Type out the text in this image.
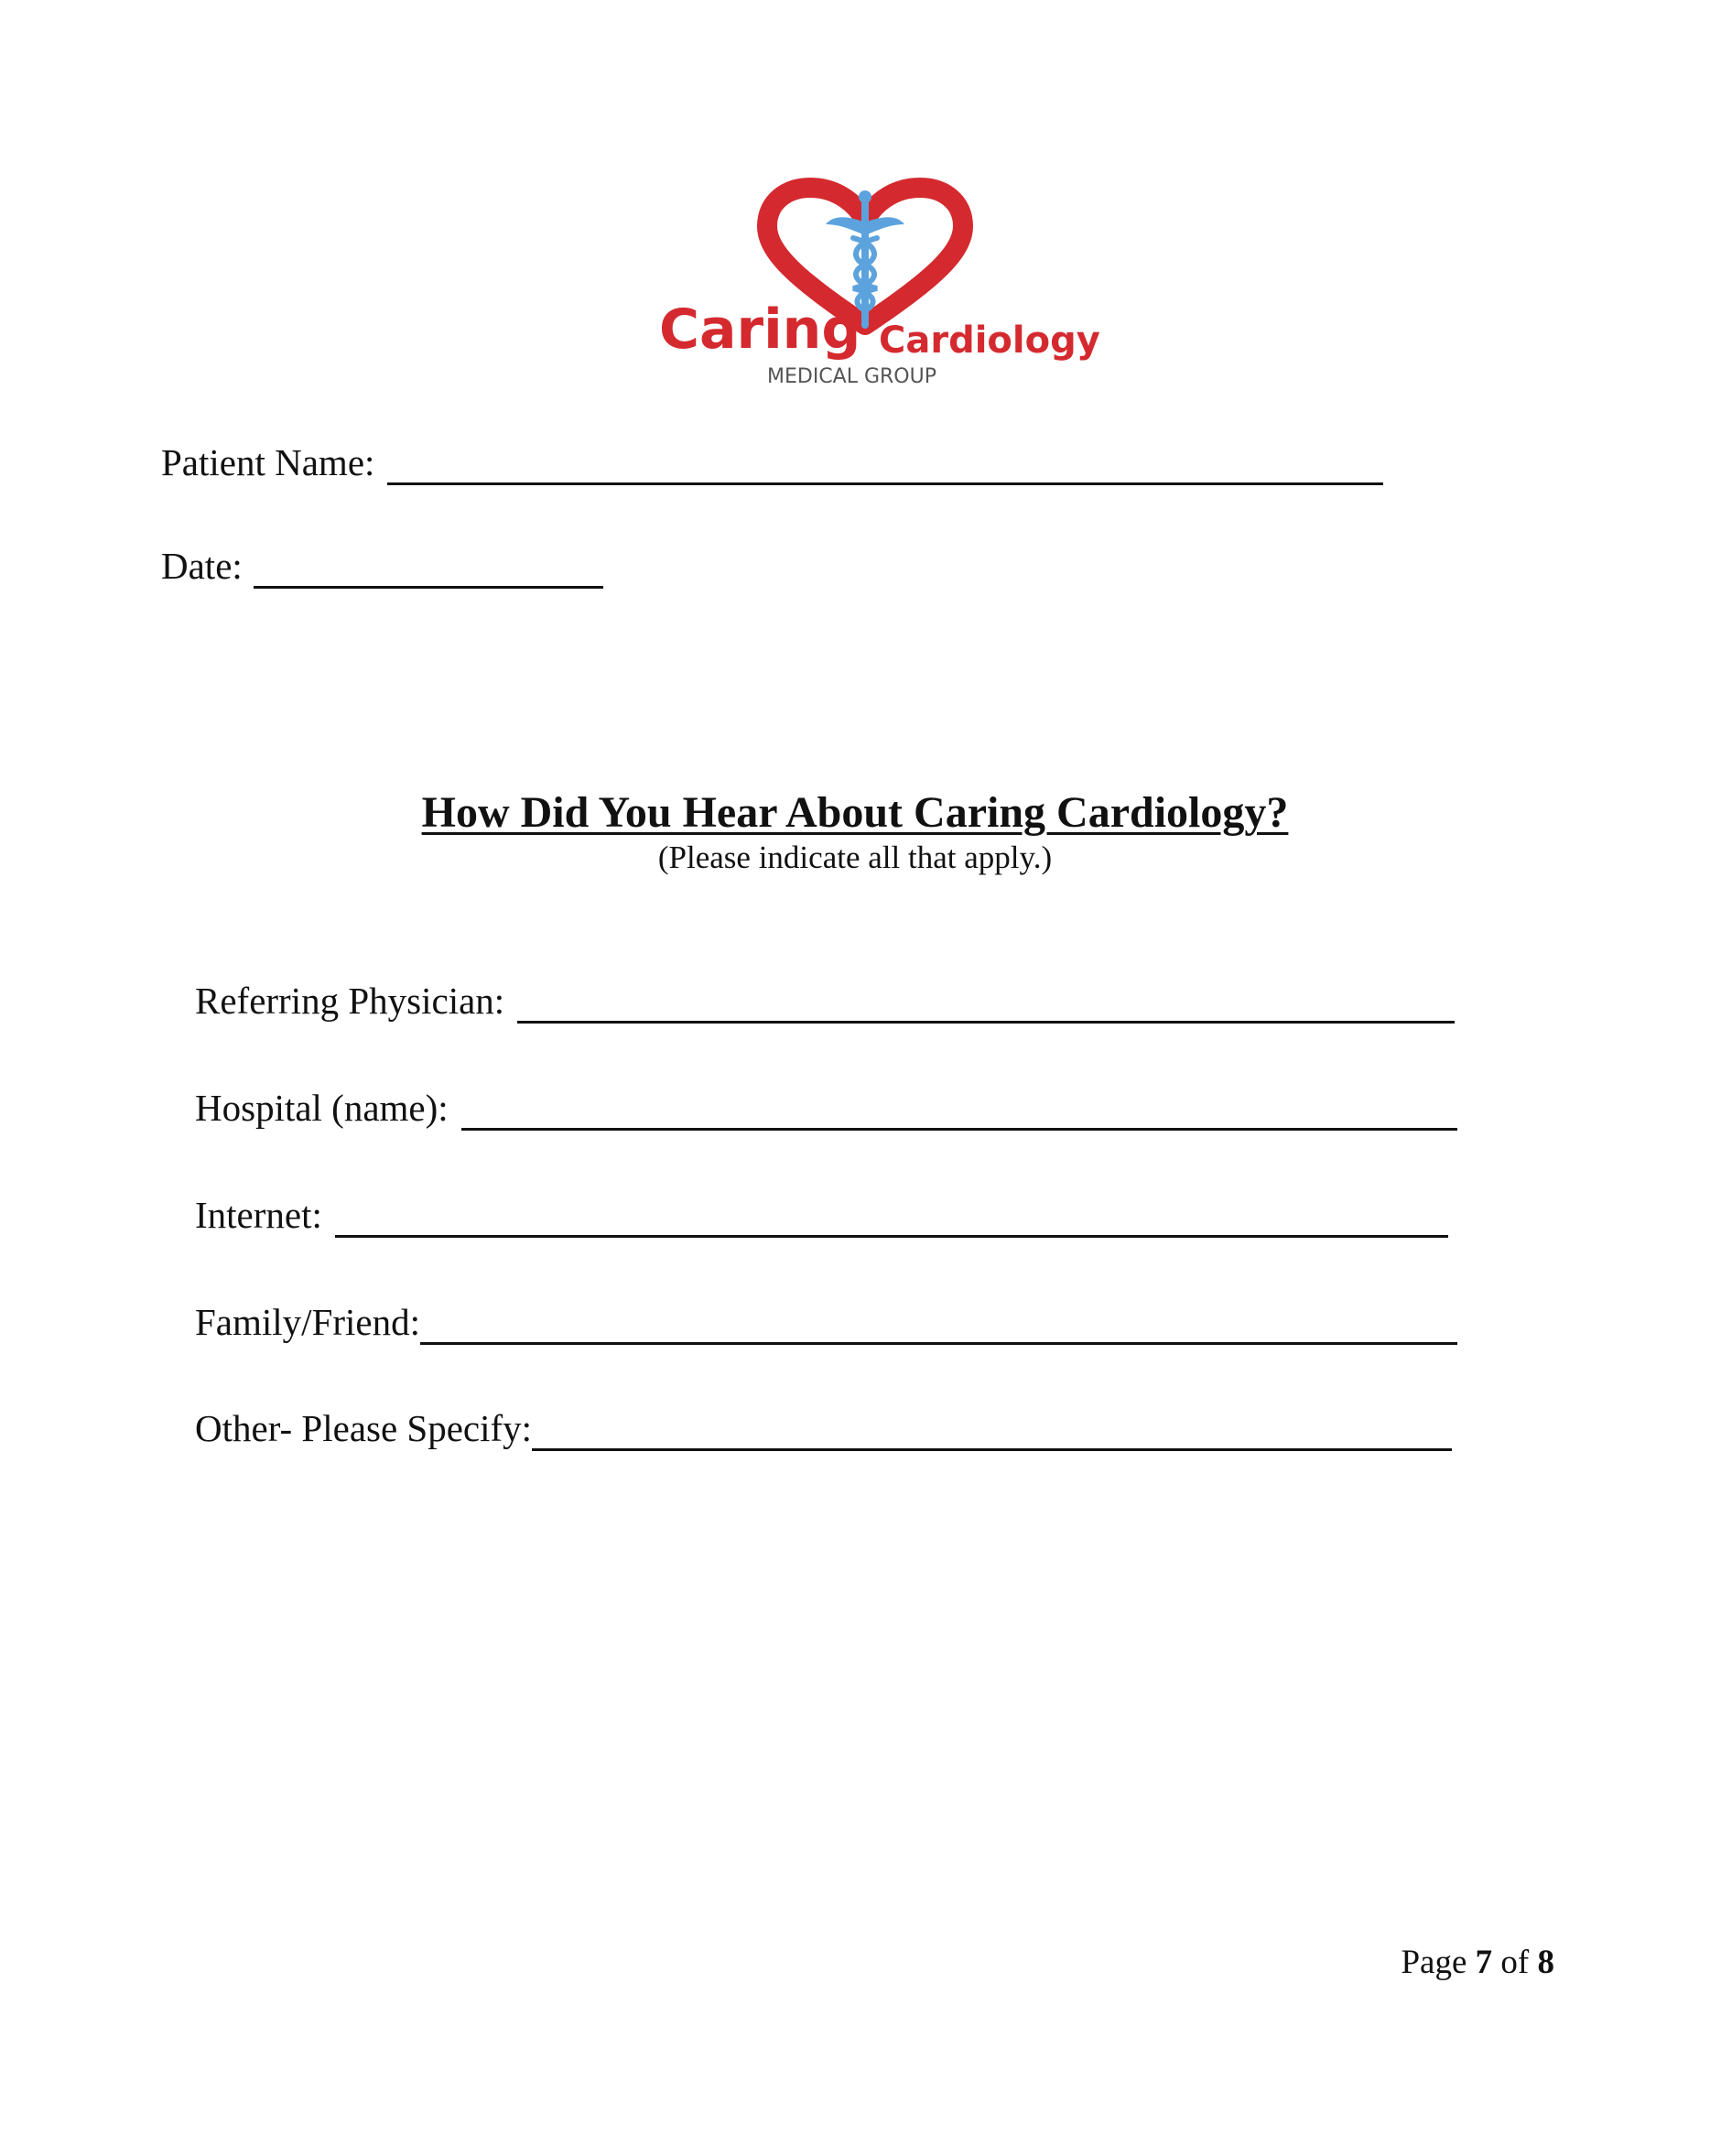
Caring Cardiology
MEDICAL GROUP
Patient Name:
Date:
How Did You Hear About Caring Cardiology?
(Please indicate all that apply.)
Referring Physician:
Hospital (name):
Internet:
Family/Friend:
Other- Please Specify:
Page 7 of 8
